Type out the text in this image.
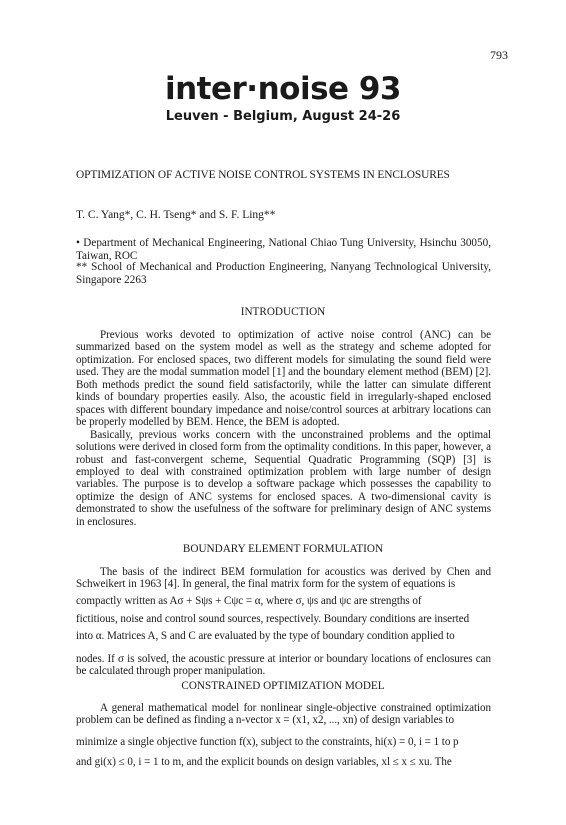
793
inter·noise 93
Leuven - Belgium, August 24-26
OPTIMIZATION OF ACTIVE NOISE CONTROL SYSTEMS IN ENCLOSURES
T. C. Yang*, C. H. Tseng* and S. F. Ling**
• Department of Mechanical Engineering, National Chiao Tung University, Hsinchu 30050, Taiwan, ROC
** School of Mechanical and Production Engineering, Nanyang Technological University, Singapore 2263
INTRODUCTION

Previous works devoted to optimization of active noise control (ANC) can be summarized based on the system model as well as the strategy and scheme adopted for optimization. For enclosed spaces, two different models for simulating the sound field were used. They are the modal summation model [1] and the boundary element method (BEM) [2]. Both methods predict the sound field satisfactorily, while the latter can simulate different kinds of boundary properties easily. Also, the acoustic field in irregularly-shaped enclosed spaces with different boundary impedance and noise/control sources at arbitrary locations can be properly modelled by BEM. Hence, the BEM is adopted.

Basically, previous works concern with the unconstrained problems and the optimal solutions were derived in closed form from the optimality conditions. In this paper, however, a robust and fast-convergent scheme, Sequential Quadratic Programming (SQP) [3] is employed to deal with constrained optimization problem with large number of design variables. The purpose is to develop a software package which possesses the capability to optimize the design of ANC systems for enclosed spaces. A two-dimensional cavity is demonstrated to show the usefulness of the software for preliminary design of ANC systems in enclosures.

BOUNDARY ELEMENT FORMULATION

The basis of the indirect BEM formulation for acoustics was derived by Chen and Schweikert in 1963 [4]. In general, the final matrix form for the system of equations is

compactly written as Aσ + Sψs + Cψc = α, where σ, ψs and ψc are strengths of

fictitious, noise and control sound sources, respectively. Boundary conditions are inserted

into α. Matrices A, S and C are evaluated by the type of boundary condition applied to

nodes. If σ is solved, the acoustic pressure at interior or boundary locations of enclosures can be calculated through proper manipulation.

CONSTRAINED OPTIMIZATION MODEL

A general mathematical model for nonlinear single-objective constrained optimization problem can be defined as finding a n-vector x = (x1, x2, ..., xn) of design variables to

minimize a single objective function f(x), subject to the constraints, hi(x) = 0, i = 1 to p

and gi(x) ≤ 0, i = 1 to m, and the explicit bounds on design variables, xl ≤ x ≤ xu. The
